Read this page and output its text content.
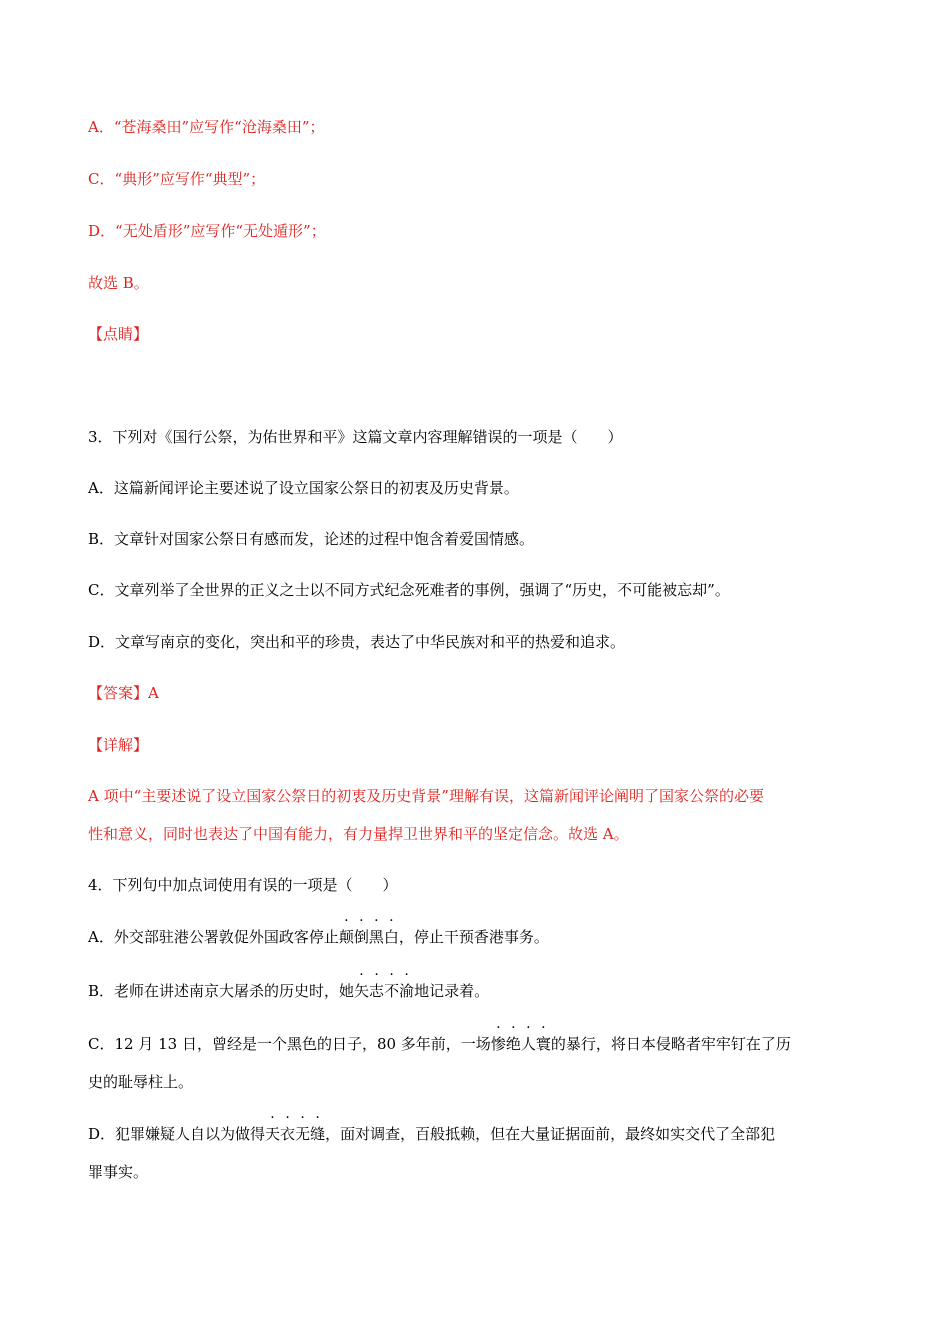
A．“苍海桑田”应写作“沧海桑田”；
C．“典形”应写作“典型”；
D．“无处盾形”应写作“无处遁形”；
故选 B。
【点睛】
3．下列对《国行公祭，为佑世界和平》这篇文章内容理解错误的一项是（　　）
A．这篇新闻评论主要述说了设立国家公祭日的初衷及历史背景。
B．文章针对国家公祭日有感而发，论述的过程中饱含着爱国情感。
C．文章列举了全世界的正义之士以不同方式纪念死难者的事例，强调了“历史，不可能被忘却”。
D．文章写南京的变化，突出和平的珍贵，表达了中华民族对和平的热爱和追求。
【答案】A
【详解】
A 项中“主要述说了设立国家公祭日的初衷及历史背景”理解有误，这篇新闻评论阐明了国家公祭的必要
性和意义，同时也表达了中国有能力，有力量捍卫世界和平的坚定信念。故选 A。
4．下列句中加点词使用有误的一项是（　　）
A．外交部驻港公署敦促外国政客停止颠倒黑白，停止干预香港事务。
B．老师在讲述南京大屠杀的历史时，她矢志不渝地记录着。
C．12 月 13 日，曾经是一个黑色的日子，80 多年前，一场惨绝人寰的暴行，将日本侵略者牢牢钉在了历
史的耻辱柱上。
D．犯罪嫌疑人自以为做得天衣无缝，面对调查，百般抵赖，但在大量证据面前，最终如实交代了全部犯
罪事实。
